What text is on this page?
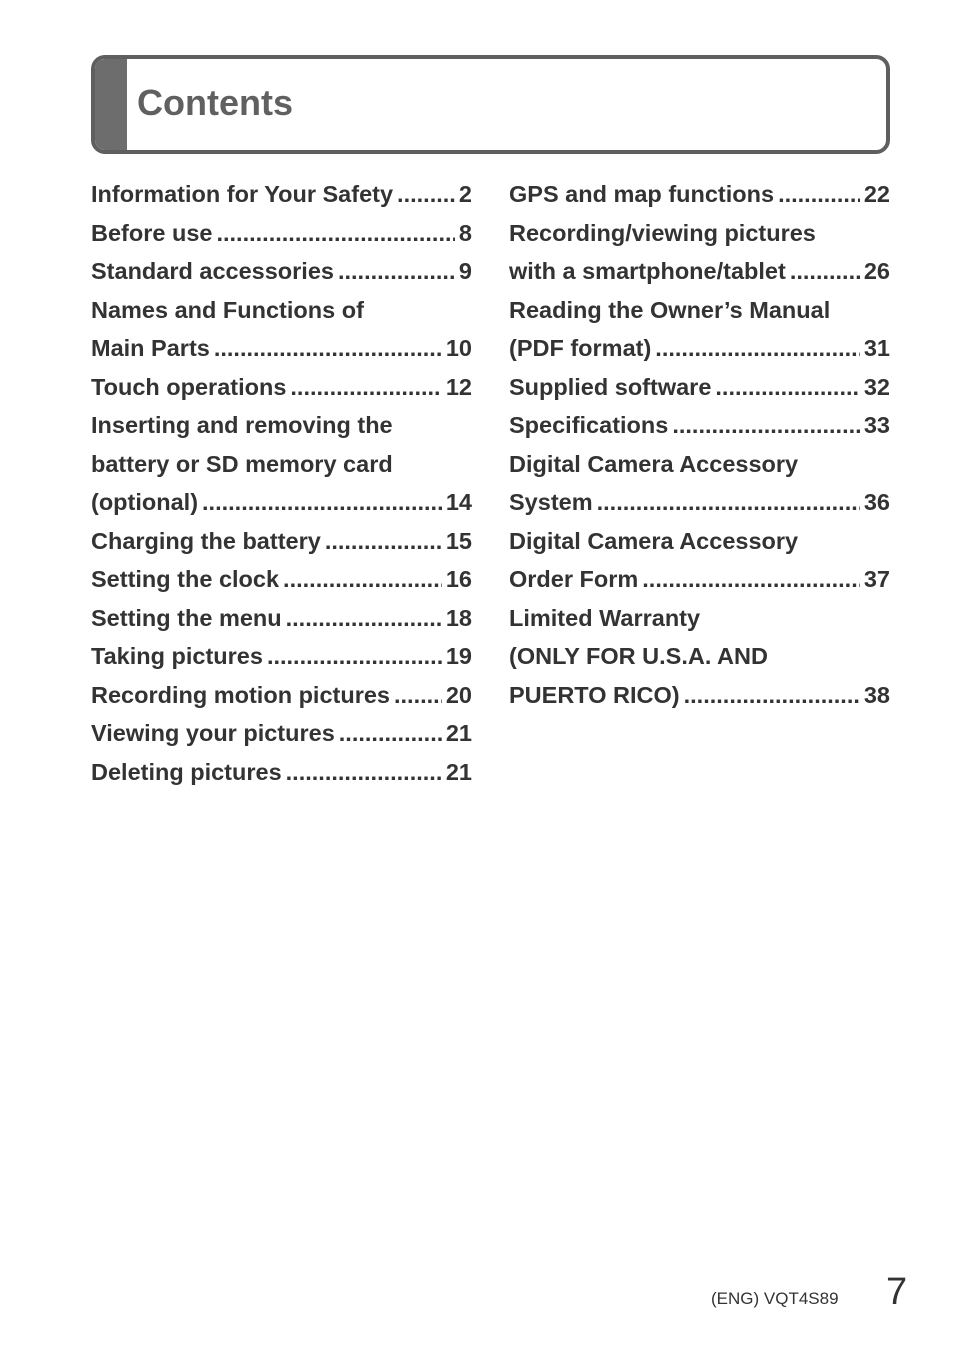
Contents
Information for Your Safety .....	2
Before use .....	8
Standard accessories .....	9
Names and Functions of
Main Parts .....	10
Touch operations .....	12
Inserting and removing the
battery or SD memory card
(optional) .....	14
Charging the battery .....	15
Setting the clock .....	16
Setting the menu .....	18
Taking pictures .....	19
Recording motion pictures ..... 20
Viewing your pictures .....	21
Deleting pictures .....	21
GPS and map functions .....	22
Recording/viewing pictures
with a smartphone/tablet .....	26
Reading the Owner’s Manual
(PDF format) .....	31
Supplied software .....	32
Specifications .....	33
Digital Camera Accessory
System .....	36
Digital Camera Accessory
Order Form .....	37
Limited Warranty
(ONLY FOR U.S.A. AND
PUERTO RICO) .....	38
(ENG) VQT4S89 7
